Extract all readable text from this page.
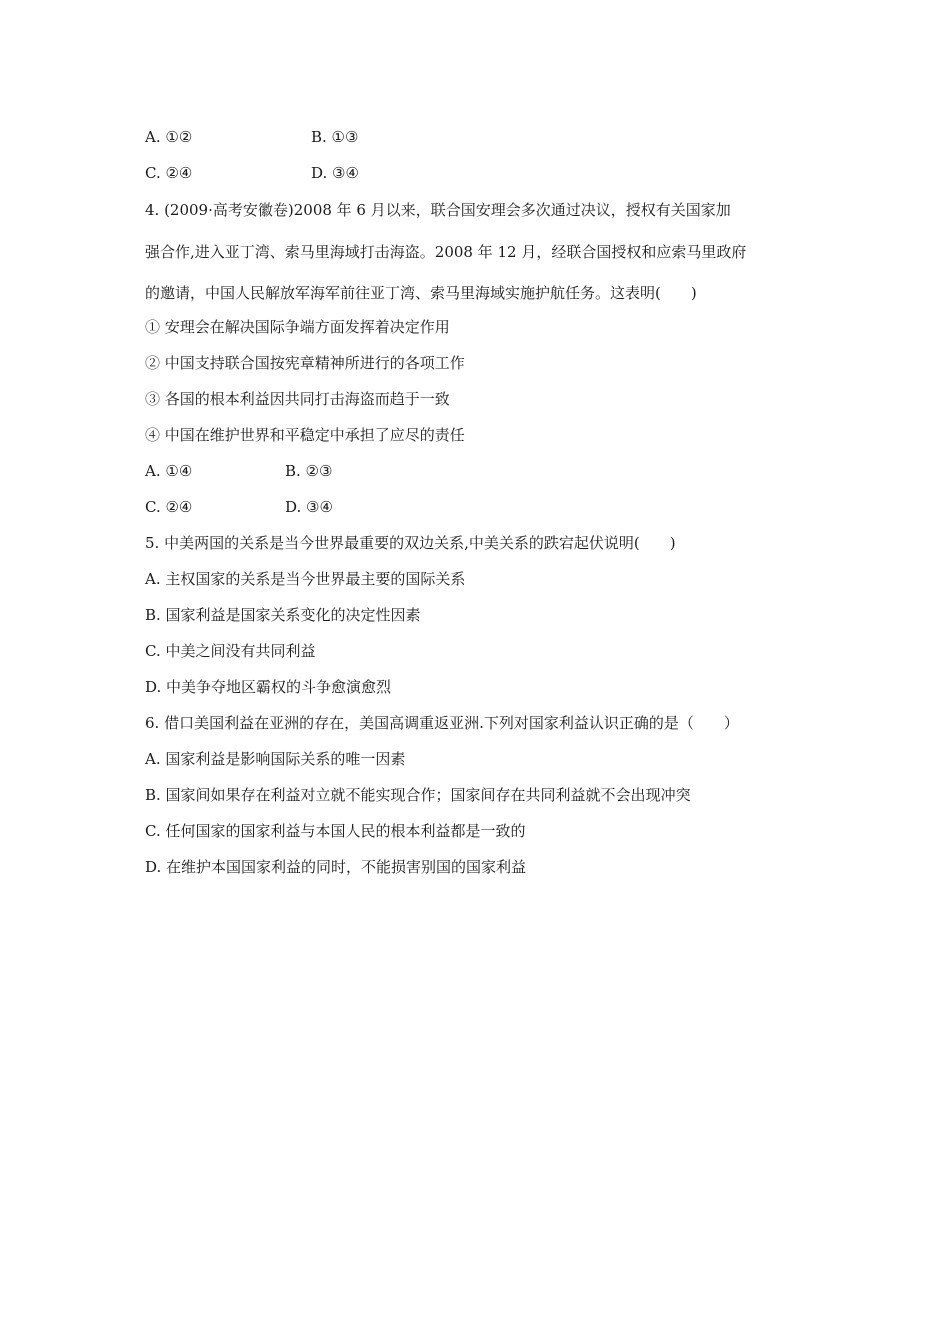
A. ①②	B. ①③
C. ②④	D. ③④
4. (2009·高考安徽卷)2008 年 6 月以来，联合国安理会多次通过决议，授权有关国家加
强合作,进入亚丁湾、索马里海域打击海盗。2008 年 12 月，经联合国授权和应索马里政府
的邀请，中国人民解放军海军前往亚丁湾、索马里海域实施护航任务。这表明(　　)
① 安理会在解决国际争端方面发挥着决定作用
② 中国支持联合国按宪章精神所进行的各项工作
③ 各国的根本利益因共同打击海盗而趋于一致
④ 中国在维护世界和平稳定中承担了应尽的责任
A. ①④	B. ②③
C. ②④	D. ③④
5. 中美两国的关系是当今世界最重要的双边关系,中美关系的跌宕起伏说明(　　)
A. 主权国家的关系是当今世界最主要的国际关系
B. 国家利益是国家关系变化的决定性因素
C. 中美之间没有共同利益
D. 中美争夺地区霸权的斗争愈演愈烈
6. 借口美国利益在亚洲的存在，美国高调重返亚洲.下列对国家利益认识正确的是（　　）
A. 国家利益是影响国际关系的唯一因素
B. 国家间如果存在利益对立就不能实现合作；国家间存在共同利益就不会出现冲突
C. 任何国家的国家利益与本国人民的根本利益都是一致的
D. 在维护本国国家利益的同时，不能损害别国的国家利益
